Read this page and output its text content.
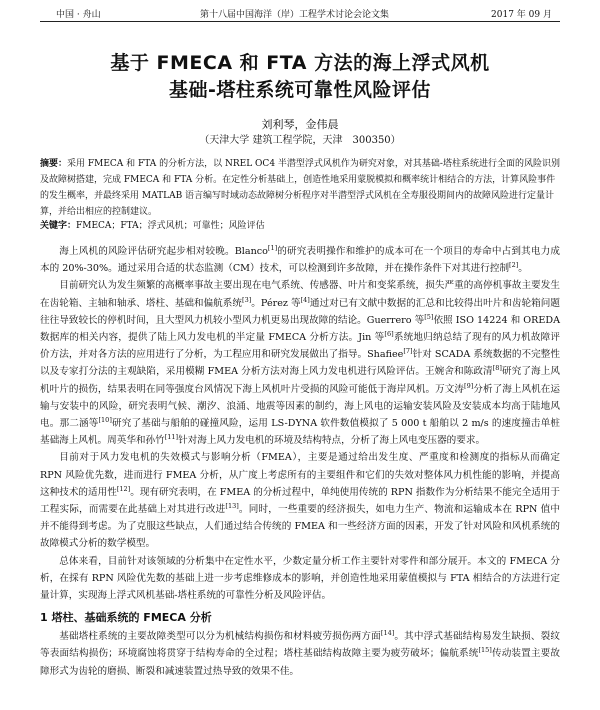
中国 · 舟山	第十八届中国海洋（岸）工程学术讨论会论文集	2017 年 09 月
基于 FMECA 和 FTA 方法的海上浮式风机
基础-塔柱系统可靠性风险评估
刘利琴，金伟晨
（天津大学 建筑工程学院，天津　300350）
摘要：采用 FMECA 和 FTA 的分析方法，以 NREL OC4 半潜型浮式风机作为研究对象，对其基础-塔柱系统进行全面的风险识别及故障树搭建，完成 FMECA 和 FTA 分析。在定性分析基础上，创造性地采用蒙脱模拟和概率统计相结合的方法，计算风险事件的发生概率，并最终采用 MATLAB 语言编写时域动态故障树分析程序对半潜型浮式风机在全寿服役期间内的故障风险进行定量计算，并给出相应的控制建议。
关键字：FMECA；FTA；浮式风机；可靠性；风险评估

海上风机的风险评估研究起步相对较晚。Blanco[1]的研究表明操作和维护的成本可在一个项目的寿命中占到其电力成本的 20%-30%。通过采用合适的状态监测（CM）技术，可以检测到许多故障，并在操作条件下对其进行控制[2]。

目前研究认为发生频繁的高概率事故主要出现在电气系统、传感器、叶片和变桨系统，损失严重的高停机事故主要发生在齿轮箱、主轴和轴承、塔柱、基础和偏航系统[3]。Pérez 等[4]通过对已有文献中数据的汇总和比较得出叶片和齿轮箱问题往往导致较长的停机时间，且大型风力机较小型风力机更易出现故障的结论。Guerrero 等[5]依照 ISO 14224 和 OREDA 数据库的相关内容，提供了陆上风力发电机的半定量 FMECA 分析方法。Jin 等[6]系统地归纳总结了现有的风力机故障评价方法，并对各方法的应用进行了分析，为工程应用和研究发展做出了指导。Shafiee[7]针对 SCADA 系统数据的不完整性以及专家打分法的主观缺陷，采用模糊 FMEA 分析方法对海上风力发电机进行风险评估。王婉舍和陈政清[8]研究了海上风机叶片的损伤，结果表明在同等强度台风情况下海上风机叶片受损的风险可能低于海岸风机。万文涛[9]分析了海上风机在运输与安装中的风险，研究表明气候、潮汐、浪涌、地震等因素的制约，海上风电的运输安装风险及安装成本均高于陆地风电。那二涵等[10]研究了基础与船舶的碰撞风险，运用 LS-DYNA 软件数值模拟了 5 000 t 船舶以 2 m/s 的速度撞击单桩基础海上风机。周英华和孙竹[11]针对海上风力发电机的环境及结构特点，分析了海上风电变压器的要求。

目前对于风力发电机的失效模式与影响分析（FMEA），主要是通过给出发生度、严重度和检测度的指标从而确定 RPN 风险优先数，进而进行 FMEA 分析，从广度上考虑所有的主要组件和它们的失效对整体风力机性能的影响，并提高这种技术的适用性[12]。现有研究表明，在 FMEA 的分析过程中，单纯使用传统的 RPN 指数作为分析结果不能完全适用于工程实际，而需要在此基础上对其进行改进[13]。同时，一些重要的经济损失，如电力生产、物流和运输成本在 RPN 值中并不能得到考虑。为了克服这些缺点，人们通过结合传统的 FMEA 和一些经济方面的因素，开发了针对风险和风机系统的故障模式分析的数学模型。

总体来看，目前针对该领域的分析集中在定性水平，少数定量分析工作主要针对零件和部分展开。本文的 FMECA 分析，在採有 RPN 风险优先数的基础上进一步考虑维修成本的影响，并创造性地采用蒙值模拟与 FTA 相结合的方法进行定量计算，实现海上浮式风机基础-塔柱系统的可靠性分析及风险评估。

1 塔柱、基础系统的 FMECA 分析

基础塔柱系统的主要故障类型可以分为机械结构损伤和材料疲劳损伤两方面[14]。其中浮式基础结构易发生缺损、裂纹等表面结构损伤；环境腐蚀将贯穿于结构寿命的全过程；塔柱基础结构故障主要为疲劳破坏；偏航系统[15]传动装置主要故障形式为齿轮的磨损、断裂和减速装置过热导致的效果不佳。
